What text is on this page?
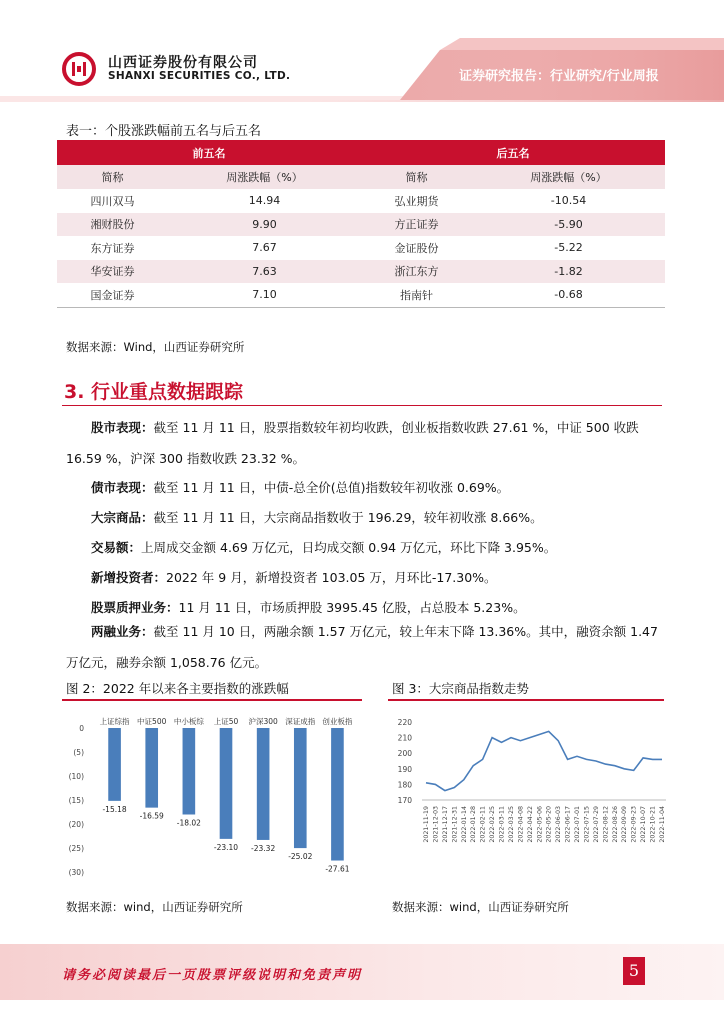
山西证券股份有限公司
SHANXI SECURITIES CO., LTD.	证券研究报告：行业研究/行业周报
表一：个股涨跌幅前五名与后五名
前五名		后五名	
简称	周涨跌幅（%）	简称	周涨跌幅（%）
四川双马	14.94	弘业期货	-10.54
湘财股份	9.90	方正证券	-5.90
东方证券	7.67	金证股份	-5.22
华安证券	7.63	浙江东方	-1.82
国金证券	7.10	指南针	-0.68
数据来源：Wind，山西证券研究所
3. 行业重点数据跟踪
股市表现：截至 11 月 11 日，股票指数较年初均收跌，创业板指数收跌 27.61 %，中证 500 收跌 16.59 %，沪深 300 指数收跌 23.32 %。
债市表现：截至 11 月 11 日，中债-总全价(总值)指数较年初收涨 0.69%。
大宗商品：截至 11 月 11 日，大宗商品指数收于 196.29，较年初收涨 8.66%。
交易额：上周成交金额 4.69 万亿元，日均成交额 0.94 万亿元，环比下降 3.95%。
新增投资者：2022 年 9 月，新增投资者 103.05 万，月环比-17.30%。
股票质押业务：11 月 11 日，市场质押股 3995.45 亿股，占总股本 5.23%。
两融业务：截至 11 月 10 日，两融余额 1.57 万亿元，较上年末下降 13.36%。其中，融资余额 1.47 万亿元，融券余额 1,058.76 亿元。
图 2：2022 年以来各主要指数的涨跌幅
0
(5)
(10)
(15)
(20)
(25)
(30)
上证综指
-15.18
中证500
-16.59
中小板综
-18.02
上证50
-23.10
沪深300
-23.32
深证成指
-25.02
创业板指
-27.61
数据来源：wind，山西证券研究所
图 3：大宗商品指数走势
170
180
190
200
210
220
2021-11-19 2021-12-03 2021-12-17 2021-12-31 2022-01-14 2022-01-28 2022-02-11 2022-02-25 2022-03-11 2022-03-25 2022-04-08 2022-04-22 2022-05-06 2022-05-20 2022-06-03 2022-06-17 2022-07-01 2022-07-15 2022-07-29 2022-08-12 2022-08-26 2022-09-09 2022-09-23 2022-10-07 2022-10-21 2022-11-04
数据来源：wind，山西证券研究所
请务必阅读最后一页股票评级说明和免责声明	5
